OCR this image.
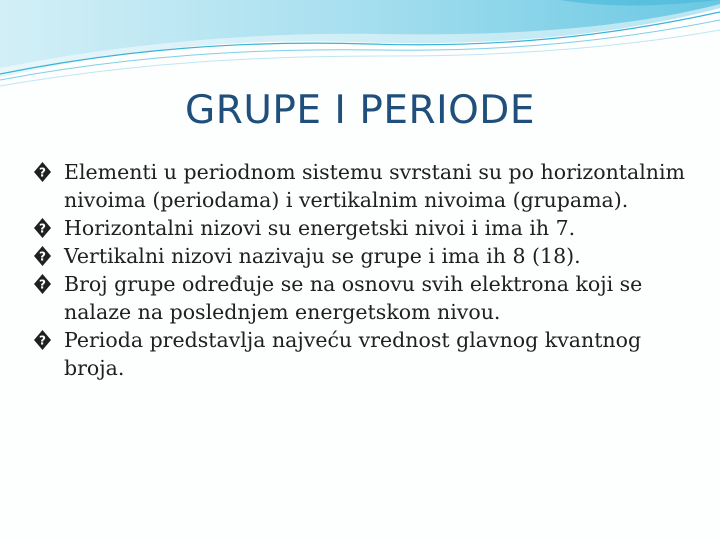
GRUPE I PERIODE
? Elementi u periodnom sistemu svrstani su po horizontalnim nivoima (periodama) i vertikalnim nivoima (grupama).
? Horizontalni nizovi su energetski nivoi i ima ih 7.
? Vertikalni nizovi nazivaju se grupe i ima ih 8 (18).
? Broj grupe određuje se na osnovu svih elektrona koji se nalaze na poslednjem energetskom nivou.
? Perioda predstavlja najveću vrednost glavnog kvantnog broja.
